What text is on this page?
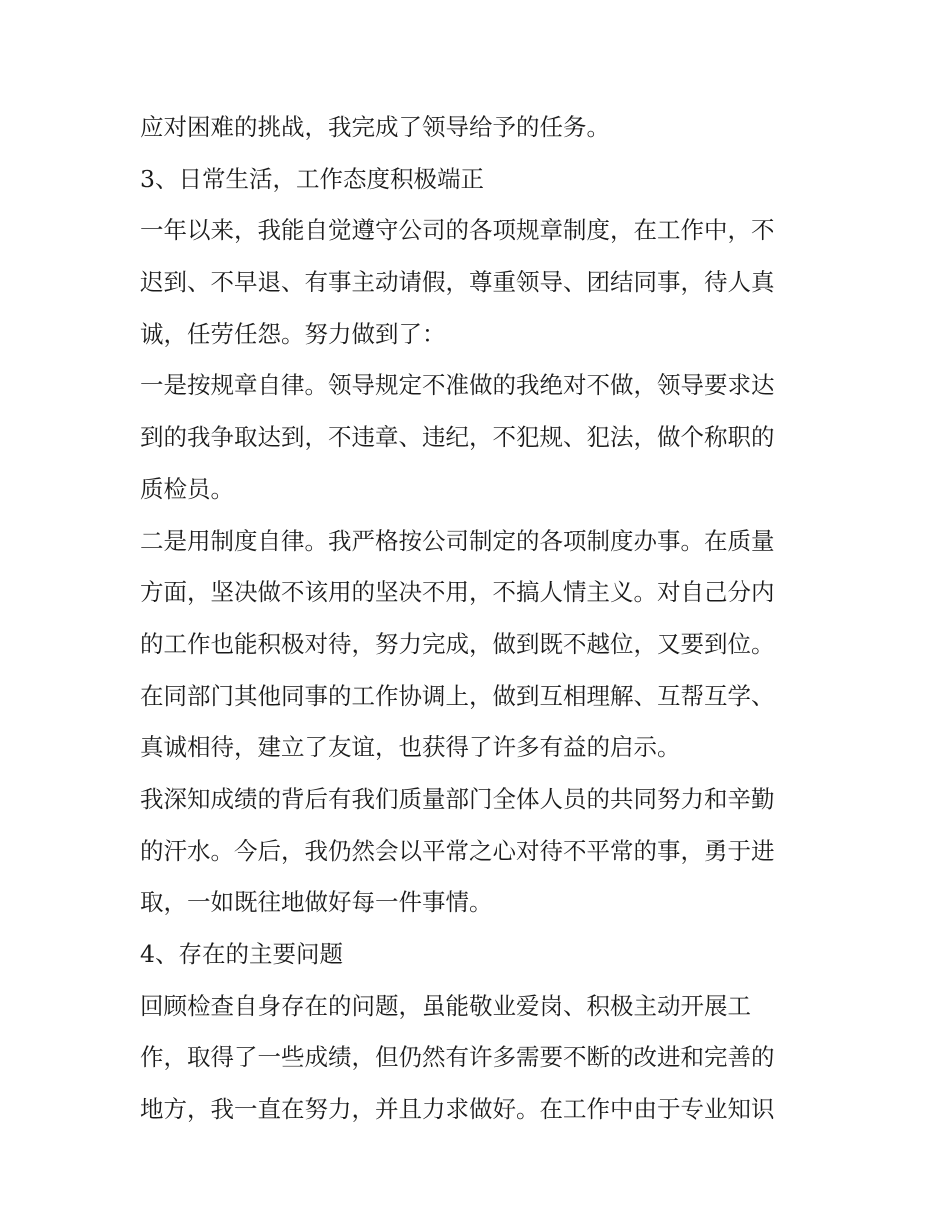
应对困难的挑战，我完成了领导给予的任务。
3、日常生活，工作态度积极端正
一年以来，我能自觉遵守公司的各项规章制度，在工作中，不
迟到、不早退、有事主动请假，尊重领导、团结同事，待人真
诚，任劳任怨。努力做到了：
一是按规章自律。领导规定不准做的我绝对不做，领导要求达
到的我争取达到，不违章、违纪，不犯规、犯法，做个称职的
质检员。
二是用制度自律。我严格按公司制定的各项制度办事。在质量
方面，坚决做不该用的坚决不用，不搞人情主义。对自己分内
的工作也能积极对待，努力完成，做到既不越位，又要到位。
在同部门其他同事的工作协调上，做到互相理解、互帮互学、
真诚相待，建立了友谊，也获得了许多有益的启示。
我深知成绩的背后有我们质量部门全体人员的共同努力和辛勤
的汗水。今后，我仍然会以平常之心对待不平常的事，勇于进
取，一如既往地做好每一件事情。
4、存在的主要问题
回顾检查自身存在的问题，虽能敬业爱岗、积极主动开展工
作，取得了一些成绩，但仍然有许多需要不断的改进和完善的
地方，我一直在努力，并且力求做好。在工作中由于专业知识
